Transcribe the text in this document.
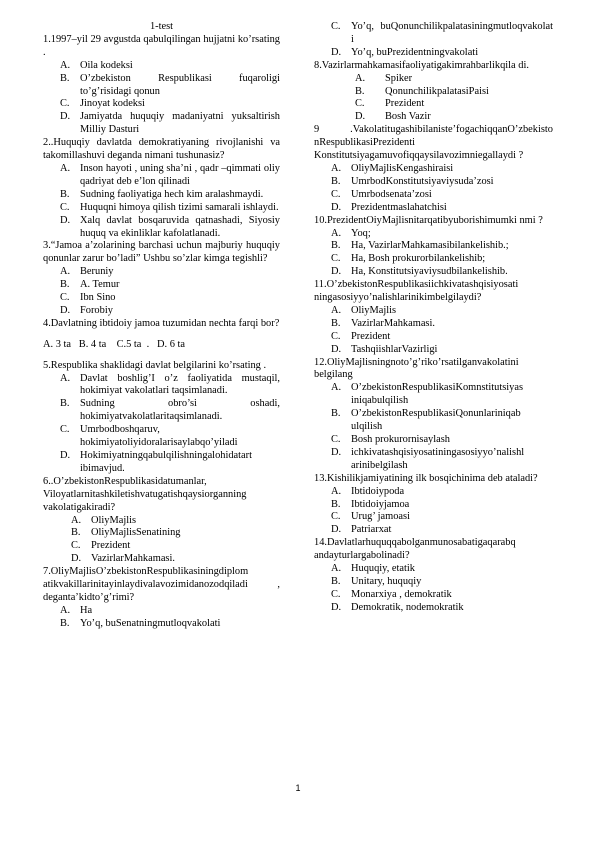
1-test

1.1997–yil 29 avgustda qabulqilingan hujjatni ko’rsating .

A. Oila kodeksi
B. O’zbekiston Respublikasi fuqaroligi to’g’risidagi qonun
C. Jinoyat kodeksi
D. Jamiyatda huquqiy madaniyatni yuksaltirish Milliy Dasturi

2..Huquqiy davlatda demokratiyaning rivojlanishi va takomillashuvi deganda nimani tushunasiz?

A. Inson hayoti , uning sha’ni , qadr –qimmati oliy qadriyat deb e’lon qilinadi
B. Sudning faoliyatiga hech kim aralashmaydi.
C. Huquqni himoya qilish tizimi samarali ishlaydi.
D. Xalq davlat bosqaruvida qatnashadi, Siyosiy huquq va ekinliklar kafolatlanadi.

3.“Jamoa a’zolarining barchasi uchun majburiy huquqiy qonunlar zarur bo’ladi” Ushbu so’zlar kimga tegishli?

A. Beruniy
B. A. Temur
C. Ibn Sino
D. Forobiy

4.Davlatning ibtidoiy jamoa tuzumidan nechta farqi bor?

A. 3 ta   B. 4 ta    C.5 ta  .   D. 6 ta

5.Respublika shaklidagi davlat belgilarini ko’rsating .

A. Davlat boshlig’I o’z faoliyatida mustaqil, hokimiyat vakolatlari taqsimlanadi.
B. Sudning obro’si oshadi, hokimiyatvakolatlaritaqsimlanadi.
C. Umrbodboshqaruv, hokimiyatoliyidoralarisaylabqo’yiladi
D. Hokimiyatningqabulqilishningalohidatart ibimavjud.

6..O’zbekistonRespublikasidatumanlar, Viloyatlarnitashkiletishvatugatishqaysiorganning vakolatigakiradi?

A. OliyMajlis
B. OliyMajlisSenatining
C. Prezident
D. VazirlarMahkamasi.

7.OliyMajlisO’zbekistonRespublikasiningdiplom atikvakillarinitayinlaydivalavozimidanozodqiladi , deganta’kidto’g’rimi?

A. Ha
B. Yo’q, buSenatningmutloqvakolati
C. Yo’q, buQonunchilikpalatasiningmutloqvakolat i
D. Yo’q, buPrezidentningvakolati

8.Vazirlarmahkamasifaoliyatigakimrahbarlikqila di.

A. Spiker
B. QonunchilikpalatasiPaisi
C. Prezident
D. Bosh Vazir

9 .VakolatitugashibilanisteʼfogachiqqanO’zbekisto nRespublikasiPrezidenti Konstitutsiyagamuvofiqqaysilavozimniegallaydi ?

A. OliyMajlisKengashiraisi
B. UmrbodKonstitutsiyaviysuda’zosi
C. Umrbodsenata’zosi
D. Prezidentmaslahatchisi

10.PrezidentOiyMajlisnitarqatibyuborishimumki nmi ?

A. Yoq;
B. Ha, VazirlarMahkamasibilankelishib.;
C. Ha, Bosh prokurorbilankelishib;
D. Ha, Konstitutsiyaviysudbilankelishib.

11.O’zbekistonRespublikasiichkivatashqisiyosati ningasosiyyo’nalishlarinikimbelgilaydi?

A. OliyMajlis
B. VazirlarMahkamasi.
C. Prezident
D. TashqiishlarVazirligi

12.OliyMajlisningnoto’g’riko’rsatilganvakolatini belgilang

A. O’zbekistonRespublikasiKomnstitutsiyas iniqabulqilish
B. O’zbekistonRespublikasiQonunlariniqab ulqilish
C. Bosh prokurornisaylash
D. ichkivatashqisiyosatiningasosiyyo’nalishl arinibelgilash

13.Kishilikjamiyatining ilk bosqichinima deb ataladi?

A. Ibtidoiypoda
B. Ibtidoiyjamoa
C. Urug’ jamoasi
D. Patriarxat

14.Davlatlarhuquqqabolganmunosabatigaqarabq andayturlargabolinadi?

A. Huquqiy, etatik
B. Unitary, huquqiy
C. Monarxiya , demokratik
D. Demokratik, nodemokratik
1
